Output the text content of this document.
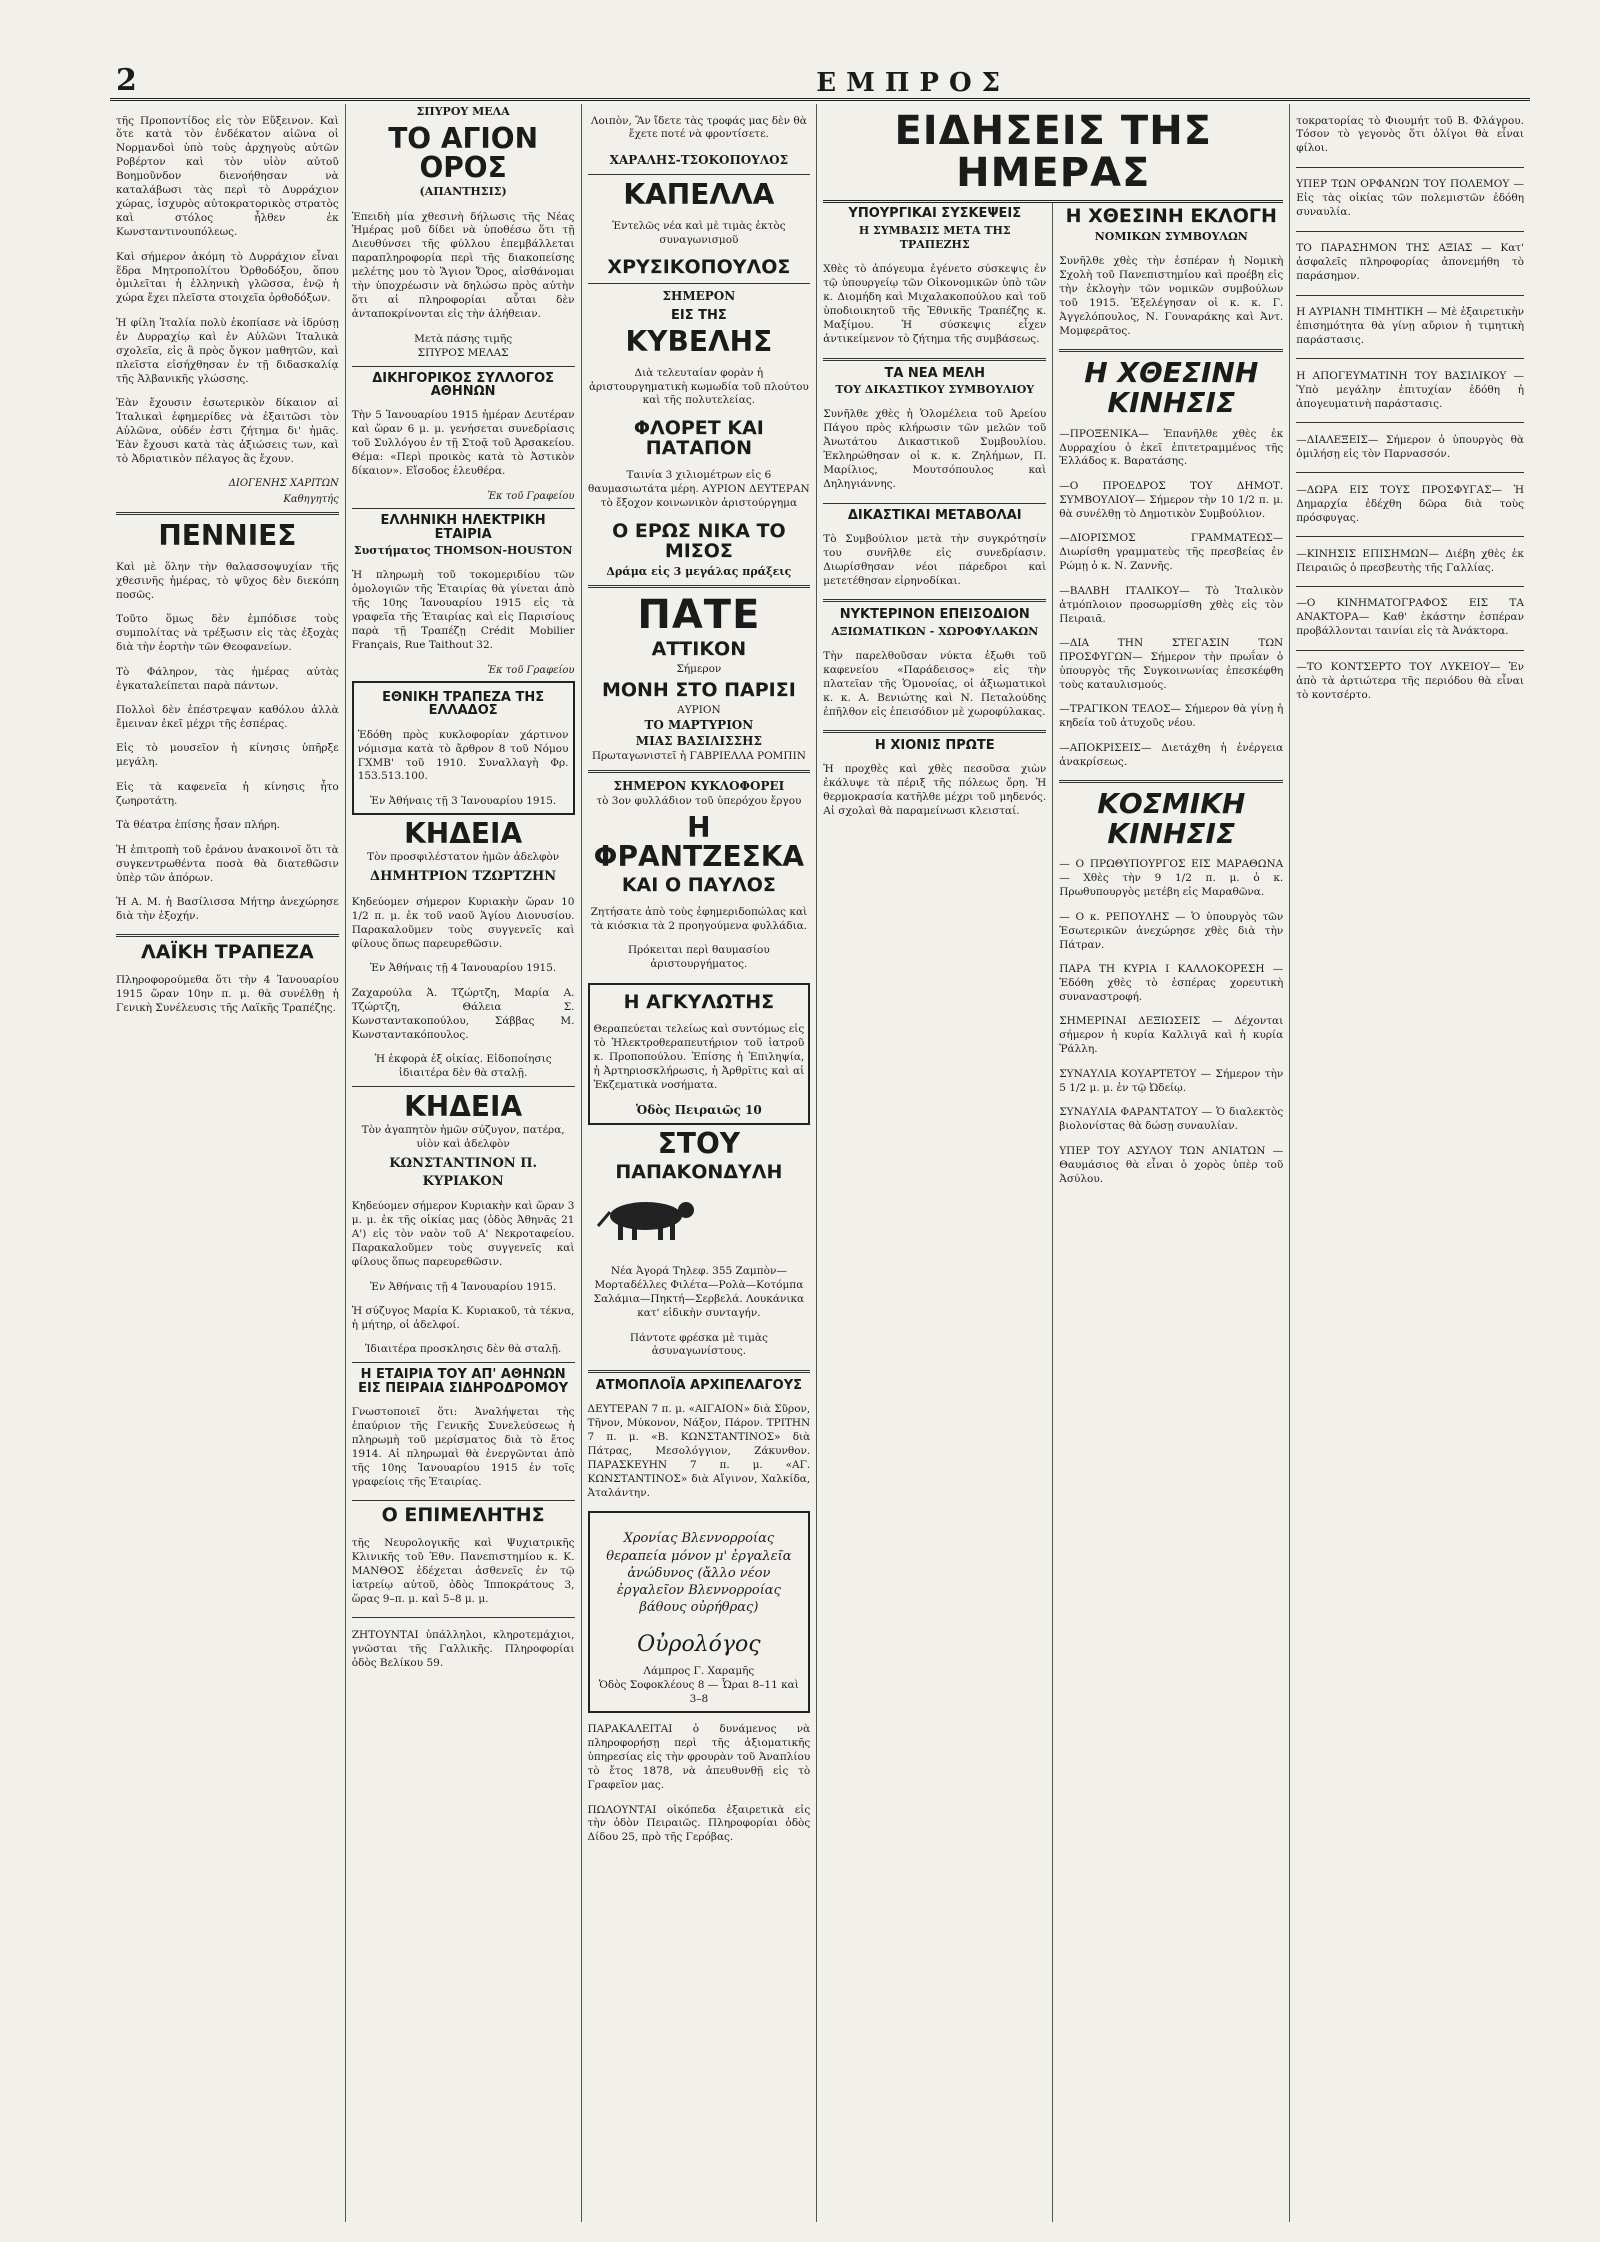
2	ΕΜΠΡΟΣ

τῆς Προποντίδος εἰς τὸν Εὔξεινον. Καὶ ὅτε κατὰ τὸν ἑνδέκατον αἰῶνα οἱ Νορμανδοὶ ὑπὸ τοὺς ἀρχηγοὺς αὐτῶν Ροβέρτον καὶ τὸν υἱὸν αὐτοῦ Βοημοῦνδον διενοήθησαν νὰ καταλάβωσι τὰς περὶ τὸ Δυρράχιον χώρας, ἰσχυρὸς αὐτοκρατορικὸς στρατὸς καὶ στόλος ἦλθεν ἐκ Κωνσταντινουπόλεως.

Καὶ σήμερον ἀκόμη τὸ Δυρράχιον εἶναι ἕδρα Μητροπολίτου Ὀρθοδόξου, ὅπου ὁμιλεῖται ἡ ἑλληνικὴ γλῶσσα, ἐνῷ ἡ χώρα ἔχει πλεῖστα στοιχεῖα ὀρθοδόξων.

Ἡ φίλη Ἰταλία πολὺ ἐκοπίασε νὰ ἱδρύσῃ ἐν Δυρραχίῳ καὶ ἐν Αὐλῶνι Ἰταλικὰ σχολεῖα, εἰς ἃ πρὸς ὄγκον μαθητῶν, καὶ πλεῖστα εἰσήχθησαν ἐν τῇ διδασκαλίᾳ τῆς Ἀλβανικῆς γλώσσης.

Ἐὰν ἔχουσιν ἐσωτερικὸν δίκαιον αἱ Ἰταλικαὶ ἐφημερίδες νὰ ἐξαιτῶσι τὸν Αὐλῶνα, οὐδέν ἐστι ζήτημα δι' ἡμᾶς. Ἐὰν ἔχουσι κατὰ τὰς ἀξιώσεις των, καὶ τὸ Ἀδριατικὸν πέλαγος ἂς ἔχουν.

ΔΙΟΓΕΝΗΣ ΧΑΡΙΤΩΝ
Καθηγητής
ΠΕΝΝΙΕΣ

Καὶ μὲ ὅλην τὴν θαλασσοψυχίαν τῆς χθεσινῆς ἡμέρας, τὸ ψῦχος δὲν διεκόπη ποσῶς.

Τοῦτο ὅμως δὲν ἐμπόδισε τοὺς συμπολίτας νὰ τρέξωσιν εἰς τὰς ἐξοχὰς διὰ τὴν ἑορτὴν τῶν Θεοφανείων.

Τὸ Φάληρον, τὰς ἡμέρας αὐτὰς ἐγκαταλείπεται παρὰ πάντων.

Πολλοὶ δὲν ἐπέστρεψαν καθόλου ἀλλὰ ἔμειναν ἐκεῖ μέχρι τῆς ἑσπέρας.

Εἰς τὸ μουσεῖον ἡ κίνησις ὑπῆρξε μεγάλη.

Εἰς τὰ καφενεῖα ἡ κίνησις ἦτο ζωηροτάτη.

Τὰ θέατρα ἐπίσης ἦσαν πλήρη.

Ἡ ἐπιτροπὴ τοῦ ἐράνου ἀνακοινοῖ ὅτι τὰ συγκεντρωθέντα ποσὰ θὰ διατεθῶσιν ὑπὲρ τῶν ἀπόρων.

Ἡ Α. Μ. ἡ Βασίλισσα Μήτηρ ἀνεχώρησε διὰ τὴν ἐξοχήν.

ΛΑΪΚΗ ΤΡΑΠΕΖΑ

Πληροφορούμεθα ὅτι τὴν 4 Ἰανουαρίου 1915 ὥραν 10ην π. μ. θὰ συνέλθῃ ἡ Γενικὴ Συνέλευσις τῆς Λαϊκῆς Τραπέζης.

ΣΠΥΡΟΥ ΜΕΛΑ
ΤΟ ΑΓΙΟΝ ΟΡΟΣ
(ΑΠΑΝΤΗΣΙΣ)

Ἐπειδὴ μία χθεσινὴ δήλωσις τῆς Νέας Ἡμέρας μοῦ δίδει νὰ ὑποθέσω ὅτι τῇ Διευθύνσει τῆς φύλλου ἐπεμβάλλεται παραπληροφορία περὶ τῆς διακοπείσης μελέτης μου τὸ Ἅγιον Ὄρος, αἰσθάνομαι τὴν ὑποχρέωσιν νὰ δηλώσω πρὸς αὐτὴν ὅτι αἱ πληροφορίαι αὗται δὲν ἀνταποκρίνονται εἰς τὴν ἀλήθειαν.

Μετὰ πάσης τιμῆς
ΣΠΥΡΟΣ ΜΕΛΑΣ
ΔΙΚΗΓΟΡΙΚΟΣ ΣΥΛΛΟΓΟΣ ΑΘΗΝΩΝ

Τὴν 5 Ἰανουαρίου 1915 ἡμέραν Δευτέραν καὶ ὥραν 6 μ. μ. γενήσεται συνεδρίασις τοῦ Συλλόγου ἐν τῇ Στοᾷ τοῦ Ἀρσακείου. Θέμα: «Περὶ προικὸς κατὰ τὸ Ἀστικὸν δίκαιον». Εἴσοδος ἐλευθέρα.

Ἐκ τοῦ Γραφείου
ΕΛΛΗΝΙΚΗ ΗΛΕΚΤΡΙΚΗ ΕΤΑΙΡΙΑ
Συστήματος THOMSON-HOUSTON

Ἡ πληρωμὴ τοῦ τοκομεριδίου τῶν ὁμολογιῶν τῆς Ἑταιρίας θὰ γίνεται ἀπὸ τῆς 10ης Ἰανουαρίου 1915 εἰς τὰ γραφεῖα τῆς Ἑταιρίας καὶ εἰς Παρισίους παρὰ τῇ Τραπέζῃ Crédit Mobilier Français, Rue Taithout 32.

Ἐκ τοῦ Γραφείου
ΕΘΝΙΚΗ ΤΡΑΠΕΖΑ ΤΗΣ ΕΛΛΑΔΟΣ

Ἐδόθη πρὸς κυκλοφορίαν χάρτινον νόμισμα κατὰ τὸ ἄρθρον 8 τοῦ Νόμου ΓΧΜΒ' τοῦ 1910. Συναλλαγὴ Φρ. 153.513.100.

Ἐν Ἀθήναις τῇ 3 Ἰανουαρίου 1915.
ΚΗΔΕΙΑ
Τὸν προσφιλέστατον ἡμῶν ἀδελφὸν
ΔΗΜΗΤΡΙΟΝ ΤΖΩΡΤΖΗΝ

Κηδεύομεν σήμερον Κυριακὴν ὥραν 10 1/2 π. μ. ἐκ τοῦ ναοῦ Ἁγίου Διονυσίου. Παρακαλοῦμεν τοὺς συγγενεῖς καὶ φίλους ὅπως παρευρεθῶσιν.

Ἐν Ἀθήναις τῇ 4 Ἰανουαρίου 1915.

Ζαχαρούλα Ἀ. Τζώρτζη, Μαρία Α. Τζώρτζη, Θάλεια Σ. Κωνσταντακοπούλου, Σάββας Μ. Κωνσταντακόπουλος.

Ἡ ἐκφορὰ ἐξ οἰκίας. Εἰδοποίησις ἰδιαιτέρα δὲν θὰ σταλῇ.
ΚΗΔΕΙΑ
Τὸν ἀγαπητὸν ἡμῶν σύζυγον, πατέρα, υἱὸν καὶ ἀδελφὸν
ΚΩΝΣΤΑΝΤΙΝΟΝ Π. ΚΥΡΙΑΚΟΝ

Κηδεύομεν σήμερον Κυριακὴν καὶ ὥραν 3 μ. μ. ἐκ τῆς οἰκίας μας (ὁδὸς Ἀθηνᾶς 21 Α') εἰς τὸν ναὸν τοῦ Α' Νεκροταφείου. Παρακαλοῦμεν τοὺς συγγενεῖς καὶ φίλους ὅπως παρευρεθῶσιν.

Ἐν Ἀθήναις τῇ 4 Ἰανουαρίου 1915.

Ἡ σύζυγος Μαρία Κ. Κυριακοῦ, τὰ τέκνα, ἡ μήτηρ, οἱ ἀδελφοί.

Ἰδιαιτέρα προσκλησις δὲν θὰ σταλῇ.
Η ΕΤΑΙΡΙΑ ΤΟΥ ΑΠ' ΑΘΗΝΩΝ ΕΙΣ ΠΕΙΡΑΙΑ ΣΙΔΗΡΟΔΡΟΜΟΥ

Γνωστοποιεῖ ὅτι: Ἀναλήψεται τὴς ἐπαύριον τῆς Γενικῆς Συνελεύσεως ἡ πληρωμὴ τοῦ μερίσματος διὰ τὸ ἔτος 1914. Αἱ πληρωμαὶ θὰ ἐνεργῶνται ἀπὸ τῆς 10ης Ἰανουαρίου 1915 ἐν τοῖς γραφείοις τῆς Ἑταιρίας.

Ο ΕΠΙΜΕΛΗΤΗΣ

τῆς Νευρολογικῆς καὶ Ψυχιατρικῆς Κλινικῆς τοῦ Ἐθν. Πανεπιστημίου κ. Κ. ΜΑΝΘΟΣ ἐδέχεται ἀσθενεῖς ἐν τῷ ἰατρείῳ αὐτοῦ, ὁδὸς Ἰπποκράτους 3, ὥρας 9–π. μ. καὶ 5–8 μ. μ.

ΖΗΤΟΥΝΤΑΙ ὑπάλληλοι, κληροτεμάχιοι, γνῶσται τῆς Γαλλικῆς. Πληροφορίαι ὁδὸς Βελίκου 59.

Λοιπὸν, Ἂν ἴδετε τὰς τροφάς μας δὲν θὰ ἔχετε ποτέ νὰ φροντίσετε.

ΧΑΡΑΛΗΣ-ΤΣΟΚΟΠΟΥΛΟΣ
ΚΑΠΕΛΛΑ

Ἐντελῶς νέα καὶ μὲ τιμὰς ἐκτὸς συναγωνισμοῦ

ΧΡΥΣΙΚΟΠΟΥΛΟΣ
ΣΗΜΕΡΟΝ
ΕΙΣ ΤΗΣ
ΚΥΒΕΛΗΣ

Διὰ τελευταίαν φορὰν ἡ ἀριστουργηματικὴ κωμωδία τοῦ πλούτου καὶ τῆς πολυτελείας.

ΦΛΟΡΕΤ ΚΑΙ ΠΑΤΑΠΟΝ

Ταινία 3 χιλιομέτρων εἰς 6 θαυμασιωτάτα μέρη. ΑΥΡΙΟΝ ΔΕΥΤΕΡΑΝ τὸ ἔξοχον κοινωνικὸν ἀριστούργημα

Ο ΕΡΩΣ ΝΙΚΑ ΤΟ ΜΙΣΟΣ
Δράμα εἰς 3 μεγάλας πράξεις
ΠΑΤΕ
ΑΤΤΙΚΟΝ
Σήμερον
ΜΟΝΗ ΣΤΟ ΠΑΡΙΣΙ
ΑΥΡΙΟΝ
ΤΟ ΜΑΡΤΥΡΙΟΝ
ΜΙΑΣ ΒΑΣΙΛΙΣΣΗΣ
Πρωταγωνιστεῖ ἡ ΓΑΒΡΙΕΛΛΑ ΡΟΜΠΙΝ
ΣΗΜΕΡΟΝ ΚΥΚΛΟΦΟΡΕΙ
τὸ 3ον φυλλάδιον τοῦ ὑπερόχου ἔργου
Η ΦΡΑΝΤΖΕΣΚΑ
ΚΑΙ Ο ΠΑΥΛΟΣ

Ζητήσατε ἀπὸ τοὺς ἐφημεριδοπώλας καὶ τὰ κιόσκια τὰ 2 προηγούμενα φυλλάδια.

Πρόκειται περὶ θαυμασίου ἀριστουργήματος.

Η ΑΓΚΥΛΩΤΗΣ

Θεραπεύεται τελείως καὶ συντόμως εἰς τὸ Ἠλεκτροθεραπευτήριον τοῦ ἰατροῦ κ. Προποπούλου. Ἐπίσης ἡ Ἐπιληψία, ἡ Ἀρτηριοσκλήρωσις, ἡ Ἀρθρῖτις καὶ αἱ Ἐκζεματικὰ νοσήματα.

Ὁδὸς Πειραιῶς 10
ΣΤΟΥ
ΠΑΠΑΚΟΝΔΥΛΗ

Νέα Ἀγορά Τηλεφ. 355 Ζαμπὸν—Μορταδέλλες Φιλέτα—Ρολὰ—Κοτόμπα Σαλάμια—Πηκτή—Σερβελά. Λουκάνικα κατ' εἰδικὴν συνταγήν.

Πάντοτε φρέσκα μὲ τιμὰς ἀσυναγωνίστους.

ΑΤΜΟΠΛΟΪΑ ΑΡΧΙΠΕΛΑΓΟΥΣ

ΔΕΥΤΕΡΑΝ 7 π. μ. «ΑΙΓΑΙΟΝ» διὰ Σῦρον, Τῆνον, Μύκονον, Νάξον, Πάρον. ΤΡΙΤΗΝ 7 π. μ. «Β. ΚΩΝΣΤΑΝΤΙΝΟΣ» διὰ Πάτρας, Μεσολόγγιον, Ζάκυνθον. ΠΑΡΑΣΚΕΥΗΝ 7 π. μ. «ΑΓ. ΚΩΝΣΤΑΝΤΙΝΟΣ» διὰ Αἴγινον, Χαλκίδα, Ἀταλάντην.

Χρονίας Βλεννορροίας θεραπεία μόνον μ' ἐργαλεῖα ἀνώδυνος (ἄλλο νέον ἐργαλεῖον Βλεννορροίας βάθους οὐρήθρας)

Οὐρολόγος
Λάμπρος Γ. Χαραμῆς
Ὁδὸς Σοφοκλέους 8 — Ὧραι 8–11 καὶ 3–8

ΠΑΡΑΚΑΛΕΙΤΑΙ ὁ δυνάμενος νὰ πληροφορήσῃ περὶ τῆς ἀξιοματικῆς ὑπηρεσίας εἰς τὴν φρουρὰν τοῦ Ἀναπλίου τὸ ἔτος 1878, νὰ ἀπευθυνθῇ εἰς τὸ Γραφεῖον μας.

ΠΩΛΟΥΝΤΑΙ οἰκόπεδα ἐξαιρετικὰ εἰς τὴν ὁδὸν Πειραιῶς. Πληροφορίαι ὁδὸς Δίδου 25, πρὸ τῆς Γερόβας.

ΕΙΔΗΣΕΙΣ ΤΗΣ ΗΜΕΡΑΣ
ΥΠΟΥΡΓΙΚΑΙ ΣΥΣΚΕΨΕΙΣ
Η ΣΥΜΒΑΣΙΣ ΜΕΤΑ ΤΗΣ ΤΡΑΠΕΖΗΣ

Χθὲς τὸ ἀπόγευμα ἐγένετο σύσκεψις ἐν τῷ ὑπουργείῳ τῶν Οἰκονομικῶν ὑπὸ τῶν κ. Διομήδη καὶ Μιχαλακοπούλου καὶ τοῦ ὑποδιοικητοῦ τῆς Ἐθνικῆς Τραπέζης κ. Μαξίμου. Ἡ σύσκεψις εἶχεν ἀντικείμενον τὸ ζήτημα τῆς συμβάσεως.

ΤΑ ΝΕΑ ΜΕΛΗ
ΤΟΥ ΔΙΚΑΣΤΙΚΟΥ ΣΥΜΒΟΥΛΙΟΥ

Συνῆλθε χθὲς ἡ Ὁλομέλεια τοῦ Ἀρείου Πάγου πρὸς κλήρωσιν τῶν μελῶν τοῦ Ἀνωτάτου Δικαστικοῦ Συμβουλίου. Ἐκληρώθησαν οἱ κ. κ. Ζηλήμων, Π. Μαρίλιος, Μουτσόπουλος καὶ Δηληγιάννης.

ΔΙΚΑΣΤΙΚΑΙ ΜΕΤΑΒΟΛΑΙ

Τὸ Συμβούλιον μετὰ τὴν συγκρότησίν του συνῆλθε εἰς συνεδρίασιν. Διωρίσθησαν νέοι πάρεδροι καὶ μετετέθησαν εἰρηνοδίκαι.

ΝΥΚΤΕΡΙΝΟΝ ΕΠΕΙΣΟΔΙΟΝ
ΑΞΙΩΜΑΤΙΚΩΝ - ΧΩΡΟΦΥΛΑΚΩΝ

Τὴν παρελθοῦσαν νύκτα ἐξωθι τοῦ καφενείου «Παράδεισος» εἰς τὴν πλατεῖαν τῆς Ὁμονοίας, οἱ ἀξιωματικοὶ κ. κ. Α. Βενιώτης καὶ Ν. Πεταλούδης ἐπῆλθον εἰς ἐπεισόδιον μὲ χωροφύλακας.

Η ΧΙΟΝΙΣ ΠΡΩΤΕ

Ἡ προχθὲς καὶ χθὲς πεσοῦσα χιὼν ἐκάλυψε τὰ πέριξ τῆς πόλεως ὄρη. Ἡ θερμοκρασία κατῆλθε μέχρι τοῦ μηδενός. Αἱ σχολαὶ θὰ παραμείνωσι κλεισταί.

Η ΧΘΕΣΙΝΗ ΕΚΛΟΓΗ
ΝΟΜΙΚΩΝ ΣΥΜΒΟΥΛΩΝ

Συνῆλθε χθὲς τὴν ἑσπέραν ἡ Νομικὴ Σχολὴ τοῦ Πανεπιστημίου καὶ προέβη εἰς τὴν ἐκλογὴν τῶν νομικῶν συμβούλων τοῦ 1915. Ἐξελέγησαν οἱ κ. κ. Γ. Ἀγγελόπουλος, Ν. Γουναράκης καὶ Ἀντ. Μομφερᾶτος.

Η ΧΘΕΣΙΝΗ ΚΙΝΗΣΙΣ

—ΠΡΟΞΕΝΙΚΑ— Ἐπανῆλθε χθὲς ἐκ Δυρραχίου ὁ ἐκεῖ ἐπιτετραμμένος τῆς Ἑλλάδος κ. Βαρατάσης.

—Ο ΠΡΟΕΔΡΟΣ ΤΟΥ ΔΗΜΟΤ. ΣΥΜΒΟΥΛΙΟΥ— Σήμερον τὴν 10 1/2 π. μ. θὰ συνέλθῃ τὸ Δημοτικὸν Συμβούλιον.

—ΔΙΟΡΙΣΜΟΣ ΓΡΑΜΜΑΤΕΩΣ— Διωρίσθη γραμματεὺς τῆς πρεσβείας ἐν Ρώμῃ ὁ κ. Ν. Ζαννῆς.

—ΒΑΛΒΗ ΙΤΑΛΙΚΟΥ— Τὸ Ἰταλικὸν ἀτμόπλοιον προσωρμίσθη χθὲς εἰς τὸν Πειραιᾶ.

—ΔΙΑ ΤΗΝ ΣΤΕΓΑΣΙΝ ΤΩΝ ΠΡΟΣΦΥΓΩΝ— Σήμερον τὴν πρωΐαν ὁ ὑπουργὸς τῆς Συγκοινωνίας ἐπεσκέφθη τοὺς καταυλισμούς.

—ΤΡΑΓΙΚΟΝ ΤΕΛΟΣ— Σήμερον θὰ γίνῃ ἡ κηδεία τοῦ ἀτυχοῦς νέου.

—ΑΠΟΚΡΙΣΕΙΣ— Διετάχθη ἡ ἐνέργεια ἀνακρίσεως.

ΚΟΣΜΙΚΗ ΚΙΝΗΣΙΣ

— Ο ΠΡΩΘΥΠΟΥΡΓΟΣ ΕΙΣ ΜΑΡΑΘΩΝΑ — Χθὲς τὴν 9 1/2 π. μ. ὁ κ. Πρωθυπουργὸς μετέβη εἰς Μαραθῶνα.

— Ο κ. ΡΕΠΟΥΛΗΣ — Ὁ ὑπουργὸς τῶν Ἐσωτερικῶν ἀνεχώρησε χθὲς διὰ τὴν Πάτραν.

ΠΑΡΑ ΤΗ ΚΥΡΙΑ Ι ΚΑΛΛΟΚΟΡΕΣΗ — Ἐδόθη χθὲς τὸ ἑσπέρας χορευτικὴ συναναστροφή.

ΣΗΜΕΡΙΝΑΙ ΔΕΞΙΩΣΕΙΣ — Δέχονται σήμερον ἡ κυρία Καλλιγᾶ καὶ ἡ κυρία Ῥάλλη.

ΣΥΝΑΥΛΙΑ ΚΟΥΑΡΤΕΤΟΥ — Σήμερον τὴν 5 1/2 μ. μ. ἐν τῷ Ὠδείῳ.

ΣΥΝΑΥΛΙΑ ΦΑΡΑΝΤΑΤΟΥ — Ὁ διαλεκτὸς βιολονίστας θὰ δώσῃ συναυλίαν.

ΥΠΕΡ ΤΟΥ ΑΣΥΛΟΥ ΤΩΝ ΑΝΙΑΤΩΝ — Θαυμάσιος θὰ εἶναι ὁ χορὸς ὑπὲρ τοῦ Ἀσύλου.

τοκρατορίας τὸ Φιουμήτ τοῦ Β. Φλάγρου. Τόσον τὸ γεγονὸς ὅτι ὀλίγοι θὰ εἶναι φίλοι.

ΥΠΕΡ ΤΩΝ ΟΡΦΑΝΩΝ ΤΟΥ ΠΟΛΕΜΟΥ — Εἰς τὰς οἰκίας τῶν πολεμιστῶν ἐδόθη συναυλία.

ΤΟ ΠΑΡΑΣΗΜΟΝ ΤΗΣ ΑΞΙΑΣ — Κατ' ἀσφαλεῖς πληροφορίας ἀπονεμήθη τὸ παράσημον.

Η ΑΥΡΙΑΝΗ ΤΙΜΗΤΙΚΗ — Μὲ ἐξαιρετικὴν ἐπισημότητα θὰ γίνῃ αὔριον ἡ τιμητικὴ παράστασις.

Η ΑΠΟΓΕΥΜΑΤΙΝΗ ΤΟΥ ΒΑΣΙΛΙΚΟΥ — Ὑπὸ μεγάλην ἐπιτυχίαν ἐδόθη ἡ ἀπογευματινὴ παράστασις.

—ΔΙΑΛΕΞΕΙΣ— Σήμερον ὁ ὑπουργὸς θὰ ὁμιλήσῃ εἰς τὸν Παρνασσόν.

—ΔΩΡΑ ΕΙΣ ΤΟΥΣ ΠΡΟΣΦΥΓΑΣ— Ἡ Δημαρχία ἐδέχθη δῶρα διὰ τοὺς πρόσφυγας.

—ΚΙΝΗΣΙΣ ΕΠΙΣΗΜΩΝ— Διέβη χθὲς ἐκ Πειραιῶς ὁ πρεσβευτὴς τῆς Γαλλίας.

—Ο ΚΙΝΗΜΑΤΟΓΡΑΦΟΣ ΕΙΣ ΤΑ ΑΝΑΚΤΟΡΑ— Καθ' ἑκάστην ἑσπέραν προβάλλονται ταινίαι εἰς τὰ Ἀνάκτορα.

—ΤΟ ΚΟΝΤΣΕΡΤΟ ΤΟΥ ΛΥΚΕΙΟΥ— Ἐν ἀπὸ τὰ ἀρτιώτερα τῆς περιόδου θὰ εἶναι τὸ κοντσέρτο.
